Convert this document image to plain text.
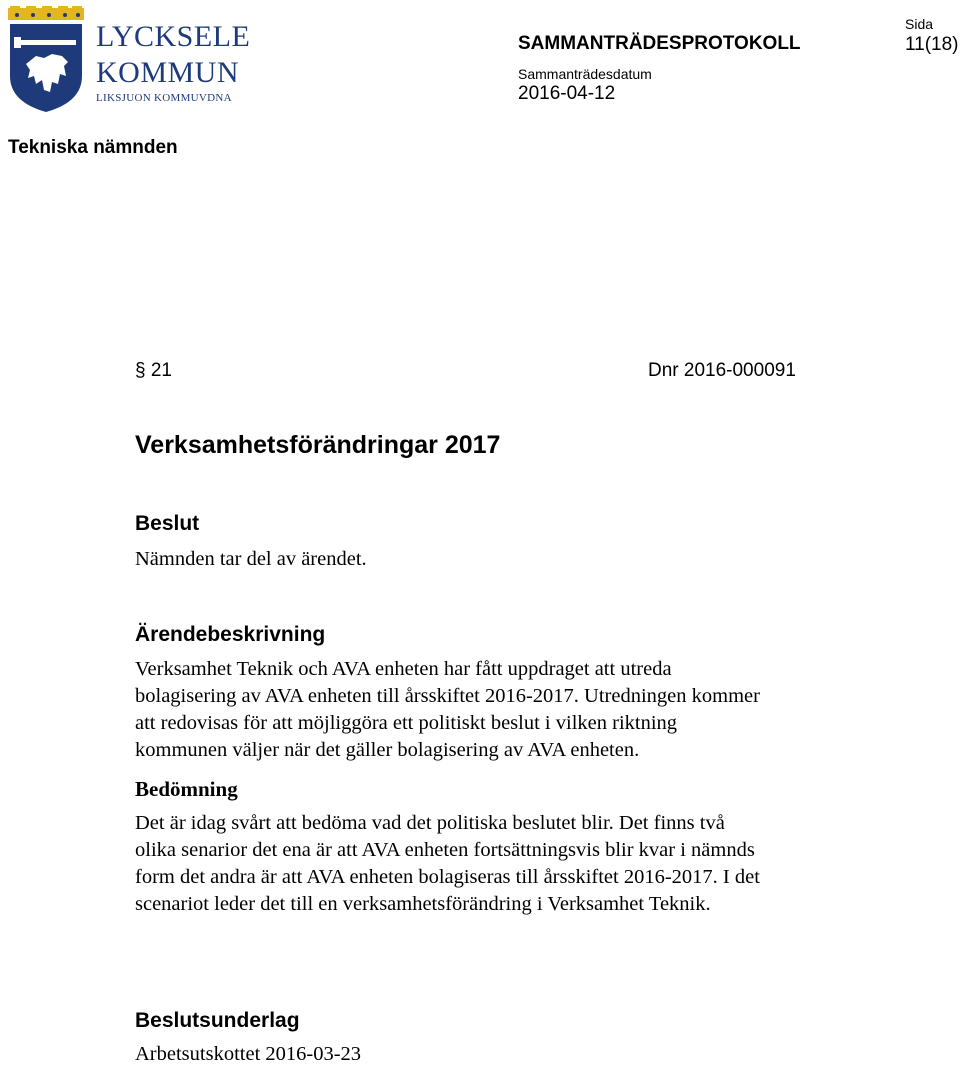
LYCKSELE
KOMMUN
LIKSJUON KOMMUVDNA
SAMMANTRÄDESPROTOKOLL
Sida
11(18)
Sammanträdesdatum
2016-04-12
Tekniska nämnden
§ 21	Dnr 2016-000091
Verksamhetsförändringar 2017
Beslut
Nämnden tar del av ärendet.
Ärendebeskrivning
Verksamhet Teknik och AVA enheten har fått uppdraget att utreda
bolagisering av AVA enheten till årsskiftet 2016-2017. Utredningen kommer
att redovisas för att möjliggöra ett politiskt beslut i vilken riktning
kommunen väljer när det gäller bolagisering av AVA enheten.
Bedömning
Det är idag svårt att bedöma vad det politiska beslutet blir. Det finns två
olika senarior det ena är att AVA enheten fortsättningsvis blir kvar i nämnds
form det andra är att AVA enheten bolagiseras till årsskiftet 2016-2017. I det
scenariot leder det till en verksamhetsförändring i Verksamhet Teknik.
Beslutsunderlag
Arbetsutskottet 2016-03-23
